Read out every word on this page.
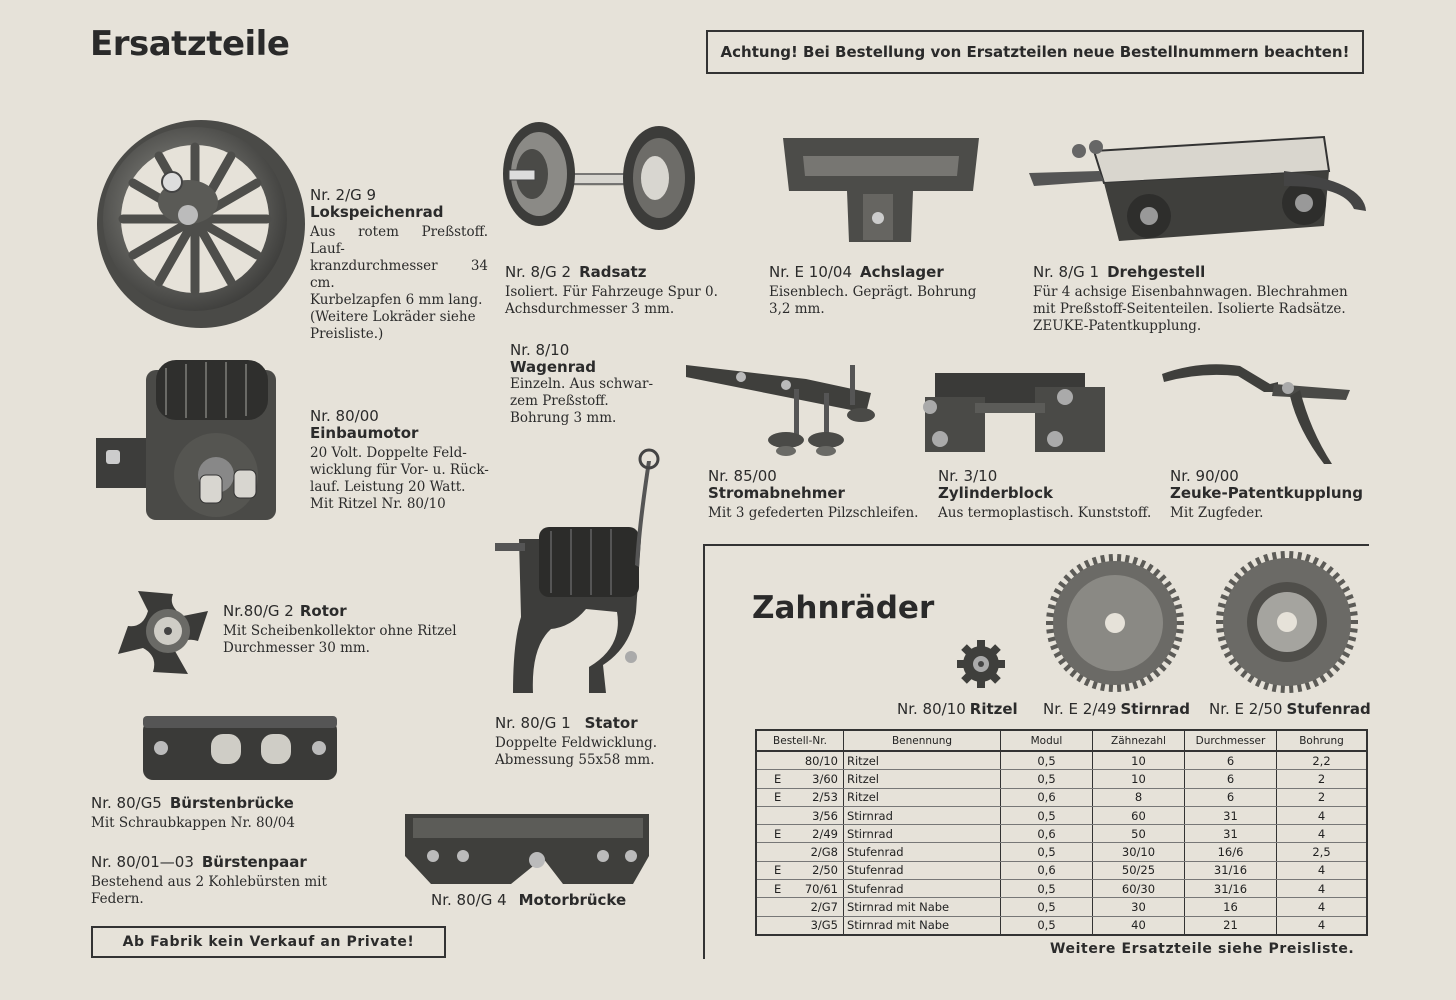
Ersatzteile	Achtung! Bei Bestellung von Ersatzteilen neue Bestellnummern beachten!
Nr. 2/G 9
Lokspeichenrad
Aus rotem Preßstoff. Lauf-
kranzdurchmesser 34 cm.
Kurbelzapfen 6 mm lang.
(Weitere Lokräder siehe
Preisliste.)
Nr. 8/G 2 Radsatz
Isoliert. Für Fahrzeuge Spur 0.
Achsdurchmesser 3 mm.
Nr. E 10/04 Achslager
Eisenblech. Geprägt. Bohrung
3,2 mm.
Nr. 8/G 1 Drehgestell
Für 4 achsige Eisenbahnwagen. Blechrahmen
mit Preßstoff-Seitenteilen. Isolierte Radsätze.
ZEUKE-Patentkupplung.
Nr. 8/10
Wagenrad
Einzeln. Aus schwar-
zem Preßstoff.
Bohrung 3 mm.
Nr. 80/00
Einbaumotor
20 Volt. Doppelte Feld-
wicklung für Vor- u. Rück-
lauf. Leistung 20 Watt.
Mit Ritzel Nr. 80/10
Nr. 85/00
Stromabnehmer
Mit 3 gefederten Pilzschleifen.
Nr. 3/10
Zylinderblock
Aus termoplastisch. Kunststoff.
Nr. 90/00
Zeuke-Patentkupplung
Mit Zugfeder.
Nr.80/G 2 Rotor
Mit Scheibenkollektor ohne Ritzel
Durchmesser 30 mm.
Nr. 80/G 1 Stator
Doppelte Feldwicklung.
Abmessung 55x58 mm.
Nr. 80/G5 Bürstenbrücke
Mit Schraubkappen Nr. 80/04
Nr. 80/01—03 Bürstenpaar
Bestehend aus 2 Kohlebürsten mit
Federn.	Nr. 80/G 4 Motorbrücke
Ab Fabrik kein Verkauf an Private!
Zahnräder
Nr. 80/10 Ritzel Nr. E 2/49 Stirnrad Nr. E 2/50 Stufenrad
Bestell-Nr.	Benennung	Modul	Zähnezahl	Durchmesser	Bohrung
80/10	Ritzel	0,5	10	6	2,2
E 3/60	Ritzel	0,5	10	6	2
E 2/53	Ritzel	0,6	8	6	2
3/56	Stirnrad	0,5	60	31	4
E 2/49	Stirnrad	0,6	50	31	4
2/G8	Stufenrad	0,5	30/10	16/6	2,5
E 2/50	Stufenrad	0,6	50/25	31/16	4
E 70/61	Stufenrad	0,5	60/30	31/16	4
2/G7	Stirnrad mit Nabe	0,5	30	16	4
3/G5	Stirnrad mit Nabe	0,5	40	21	4
Weitere Ersatzteile siehe Preisliste.
